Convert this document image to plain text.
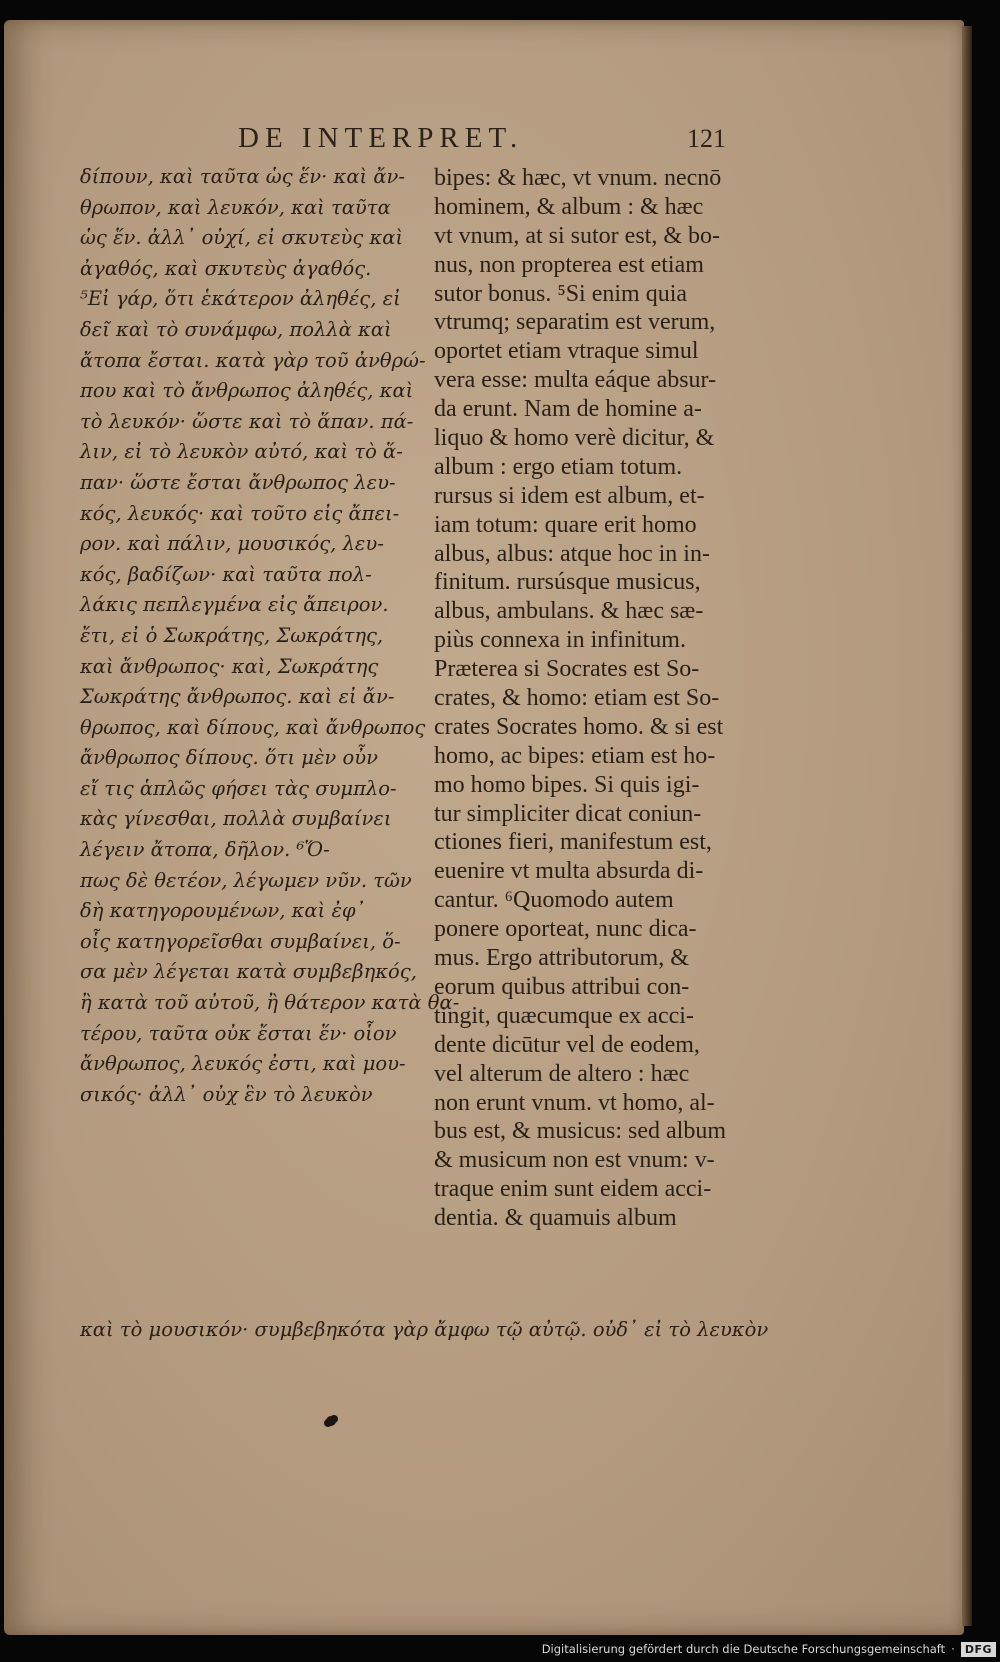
DE INTERPRET.	121
δίπουν, καὶ ταῦτα ὡς ἕν· καὶ ἄν-
θρωπον, καὶ λευκόν, καὶ ταῦτα
ὡς ἕν. ἀλλ᾽ οὐχί, εἰ σκυτεὺς καὶ
ἀγαθός, καὶ σκυτεὺς ἀγαθός.
⁵Εἰ γάρ, ὅτι ἑκάτερον ἀληθές, εἰ
δεῖ καὶ τὸ συνάμφω, πολλὰ καὶ
ἄτοπα ἔσται. κατὰ γὰρ τοῦ ἀνθρώ-
που καὶ τὸ ἄνθρωπος ἀληθές, καὶ
τὸ λευκόν· ὥστε καὶ τὸ ἅπαν. πά-
λιν, εἰ τὸ λευκὸν αὐτό, καὶ τὸ ἅ-
παν· ὥστε ἔσται ἄνθρωπος λευ-
κός, λευκός· καὶ τοῦτο εἰς ἄπει-
ρον. καὶ πάλιν, μουσικός, λευ-
κός, βαδίζων· καὶ ταῦτα πολ-
λάκις πεπλεγμένα εἰς ἄπειρον.
ἔτι, εἰ ὁ Σωκράτης, Σωκράτης,
καὶ ἄνθρωπος· καὶ, Σωκράτης
Σωκράτης ἄνθρωπος. καὶ εἰ ἄν-
θρωπος, καὶ δίπους, καὶ ἄνθρωπος
ἄνθρωπος δίπους. ὅτι μὲν οὖν
εἴ τις ἁπλῶς φήσει τὰς συμπλο-
κὰς γίνεσθαι, πολλὰ συμβαίνει
λέγειν ἄτοπα, δῆλον. ⁶Ὅ-
πως δὲ θετέον, λέγωμεν νῦν. τῶν
δὴ κατηγορουμένων, καὶ ἐφ᾽
οἷς κατηγορεῖσθαι συμβαίνει, ὅ-
σα μὲν λέγεται κατὰ συμβεβηκός,
ἢ κατὰ τοῦ αὐτοῦ, ἢ θάτερον κατὰ θα-
τέρου, ταῦτα οὐκ ἔσται ἕν· οἷον
ἄνθρωπος, λευκός ἐστι, καὶ μου-
σικός· ἀλλ᾽ οὐχ ἓν τὸ λευκὸν
bipes: & hæc, vt vnum. necnō
hominem, & album : & hæc
vt vnum, at si sutor est, & bo-
nus, non propterea est etiam
sutor bonus. ⁵Si enim quia
vtrumq; separatim est verum,
oportet etiam vtraque simul
vera esse: multa eáque absur-
da erunt. Nam de homine a-
liquo & homo verè dicitur, &
album : ergo etiam totum.
rursus si idem est album, et-
iam totum: quare erit homo
albus, albus: atque hoc in in-
finitum. rursúsque musicus,
albus, ambulans. & hæc sæ-
piùs connexa in infinitum.
Præterea si Socrates est So-
crates, & homo: etiam est So-
crates Socrates homo. & si est
homo, ac bipes: etiam est ho-
mo homo bipes. Si quis igi-
tur simpliciter dicat coniun-
ctiones fieri, manifestum est,
euenire vt multa absurda di-
cantur. ⁶Quomodo autem
ponere oporteat, nunc dica-
mus. Ergo attributorum, &
eorum quibus attribui con-
tingit, quæcumque ex acci-
dente dicūtur vel de eodem,
vel alterum de altero : hæc
non erunt vnum. vt homo, al-
bus est, & musicus: sed album
& musicum non est vnum: v-
traque enim sunt eidem acci-
dentia. & quamuis album
καὶ τὸ μουσικόν· συμβεβηκότα γὰρ ἄμφω τῷ αὐτῷ. οὐδ᾽ εἰ τὸ λευκὸν
Digitalisierung gefördert durch die Deutsche Forschungsgemeinschaft · DFG
